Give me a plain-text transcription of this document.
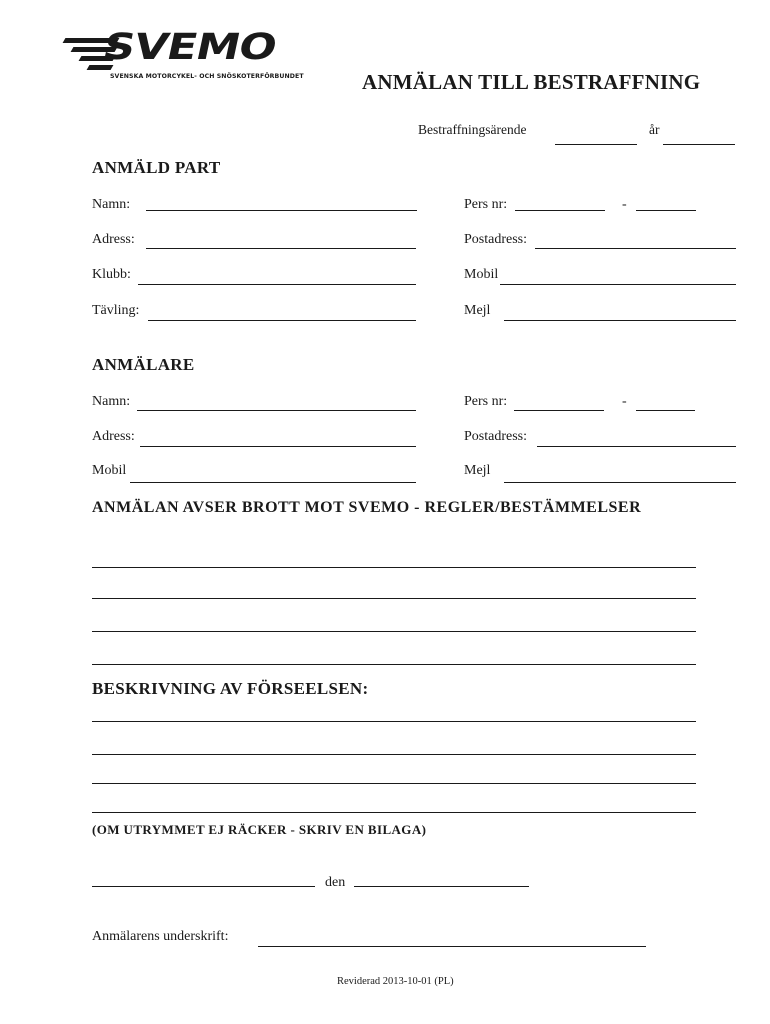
SVEMO
SVENSKA MOTORCYKEL- OCH SNÖSKOTERFÖRBUNDET	ANMÄLAN TILL BESTRAFFNING
Bestraffningsärende	år
ANMÄLD PART
Namn:	Pers nr:	-
Adress:	Postadress:
Klubb:	Mobil
Tävling:	Mejl
ANMÄLARE
Namn:	Pers nr:	-
Adress:	Postadress:
Mobil	Mejl
ANMÄLAN AVSER BROTT MOT SVEMO - REGLER/BESTÄMMELSER
BESKRIVNING AV FÖRSEELSEN:
(OM UTRYMMET EJ RÄCKER - SKRIV EN BILAGA)
den
Anmälarens underskrift:
Reviderad 2013-10-01 (PL)
